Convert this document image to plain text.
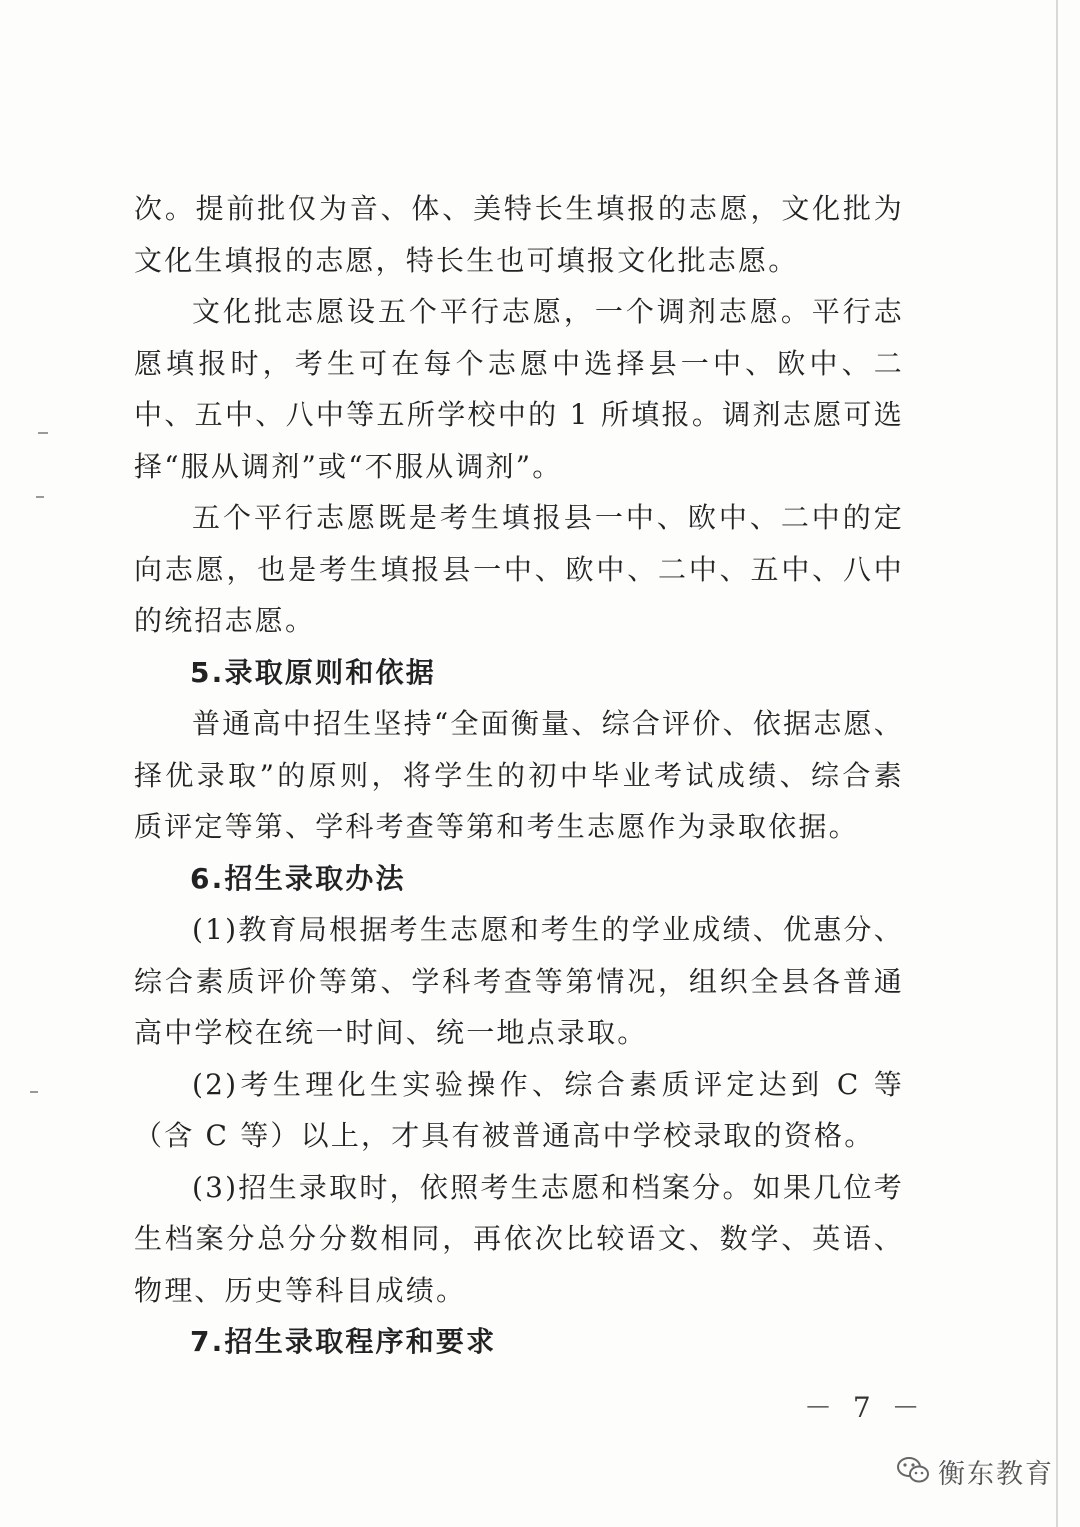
次。提前批仅为音、体、美特长生填报的志愿，文化批为文化生填报的志愿，特长生也可填报文化批志愿。

文化批志愿设五个平行志愿，一个调剂志愿。平行志愿填报时，考生可在每个志愿中选择县一中、欧中、二中、五中、八中等五所学校中的 1 所填报。调剂志愿可选择“服从调剂”或“不服从调剂”。

五个平行志愿既是考生填报县一中、欧中、二中的定向志愿，也是考生填报县一中、欧中、二中、五中、八中的统招志愿。

5.录取原则和依据

普通高中招生坚持“全面衡量、综合评价、依据志愿、择优录取”的原则，将学生的初中毕业考试成绩、综合素质评定等第、学科考查等第和考生志愿作为录取依据。

6.招生录取办法

(1)教育局根据考生志愿和考生的学业成绩、优惠分、综合素质评价等第、学科考查等第情况，组织全县各普通高中学校在统一时间、统一地点录取。

(2)考生理化生实验操作、综合素质评定达到 C 等（含 C 等）以上，才具有被普通高中学校录取的资格。

(3)招生录取时，依照考生志愿和档案分。如果几位考生档案分总分分数相同，再依次比较语文、数学、英语、物理、历史等科目成绩。

7.招生录取程序和要求

－ 7 －
衡东教育
